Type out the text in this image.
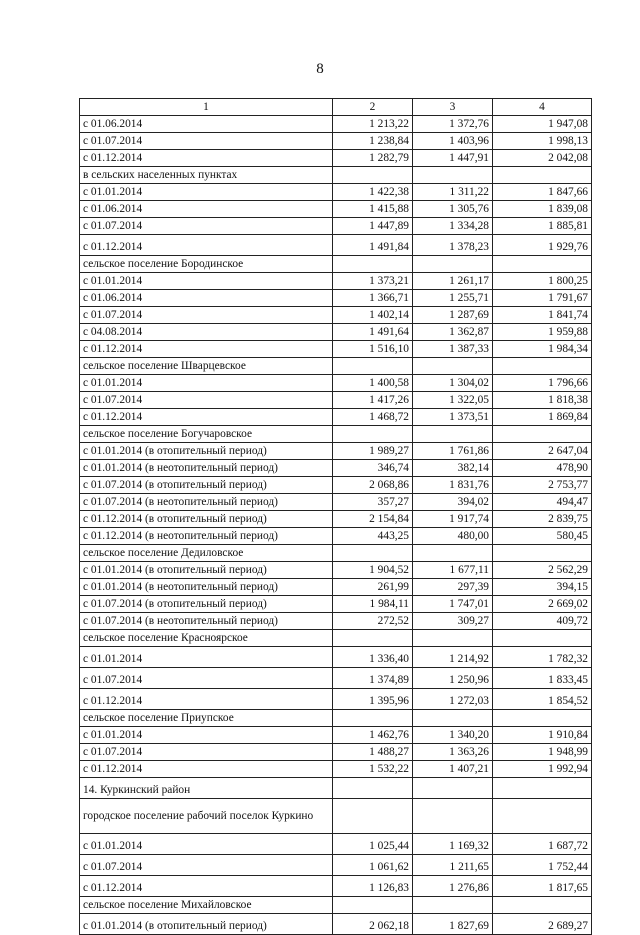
8
1	2	3	4
с 01.06.2014	1 213,22	1 372,76	1 947,08
с 01.07.2014	1 238,84	1 403,96	1 998,13
с 01.12.2014	1 282,79	1 447,91	2 042,08
в сельских населенных пунктах			
с 01.01.2014	1 422,38	1 311,22	1 847,66
с 01.06.2014	1 415,88	1 305,76	1 839,08
с 01.07.2014	1 447,89	1 334,28	1 885,81
с 01.12.2014	1 491,84	1 378,23	1 929,76
сельское поселение Бородинское			
с 01.01.2014	1 373,21	1 261,17	1 800,25
с 01.06.2014	1 366,71	1 255,71	1 791,67
с 01.07.2014	1 402,14	1 287,69	1 841,74
с 04.08.2014	1 491,64	1 362,87	1 959,88
с 01.12.2014	1 516,10	1 387,33	1 984,34
сельское поселение Шварцевское			
с 01.01.2014	1 400,58	1 304,02	1 796,66
с 01.07.2014	1 417,26	1 322,05	1 818,38
с 01.12.2014	1 468,72	1 373,51	1 869,84
сельское поселение Богучаровское			
с 01.01.2014 (в отопительный период)	1 989,27	1 761,86	2 647,04
с 01.01.2014 (в неотопительный период)	346,74	382,14	478,90
с 01.07.2014 (в отопительный период)	2 068,86	1 831,76	2 753,77
с 01.07.2014 (в неотопительный период)	357,27	394,02	494,47
с 01.12.2014 (в отопительный период)	2 154,84	1 917,74	2 839,75
с 01.12.2014 (в неотопительный период)	443,25	480,00	580,45
сельское поселение Дедиловское			
с 01.01.2014 (в отопительный период)	1 904,52	1 677,11	2 562,29
с 01.01.2014 (в неотопительный период)	261,99	297,39	394,15
с 01.07.2014 (в отопительный период)	1 984,11	1 747,01	2 669,02
с 01.07.2014 (в неотопительный период)	272,52	309,27	409,72
сельское поселение Красноярское			
с 01.01.2014	1 336,40	1 214,92	1 782,32
с 01.07.2014	1 374,89	1 250,96	1 833,45
с 01.12.2014	1 395,96	1 272,03	1 854,52
сельское поселение Приупское			
с 01.01.2014	1 462,76	1 340,20	1 910,84
с 01.07.2014	1 488,27	1 363,26	1 948,99
с 01.12.2014	1 532,22	1 407,21	1 992,94
14. Куркинский район			
городское поселение рабочий поселок Куркино			
с 01.01.2014	1 025,44	1 169,32	1 687,72
с 01.07.2014	1 061,62	1 211,65	1 752,44
с 01.12.2014	1 126,83	1 276,86	1 817,65
сельское поселение Михайловское			
с 01.01.2014 (в отопительный период)	2 062,18	1 827,69	2 689,27
